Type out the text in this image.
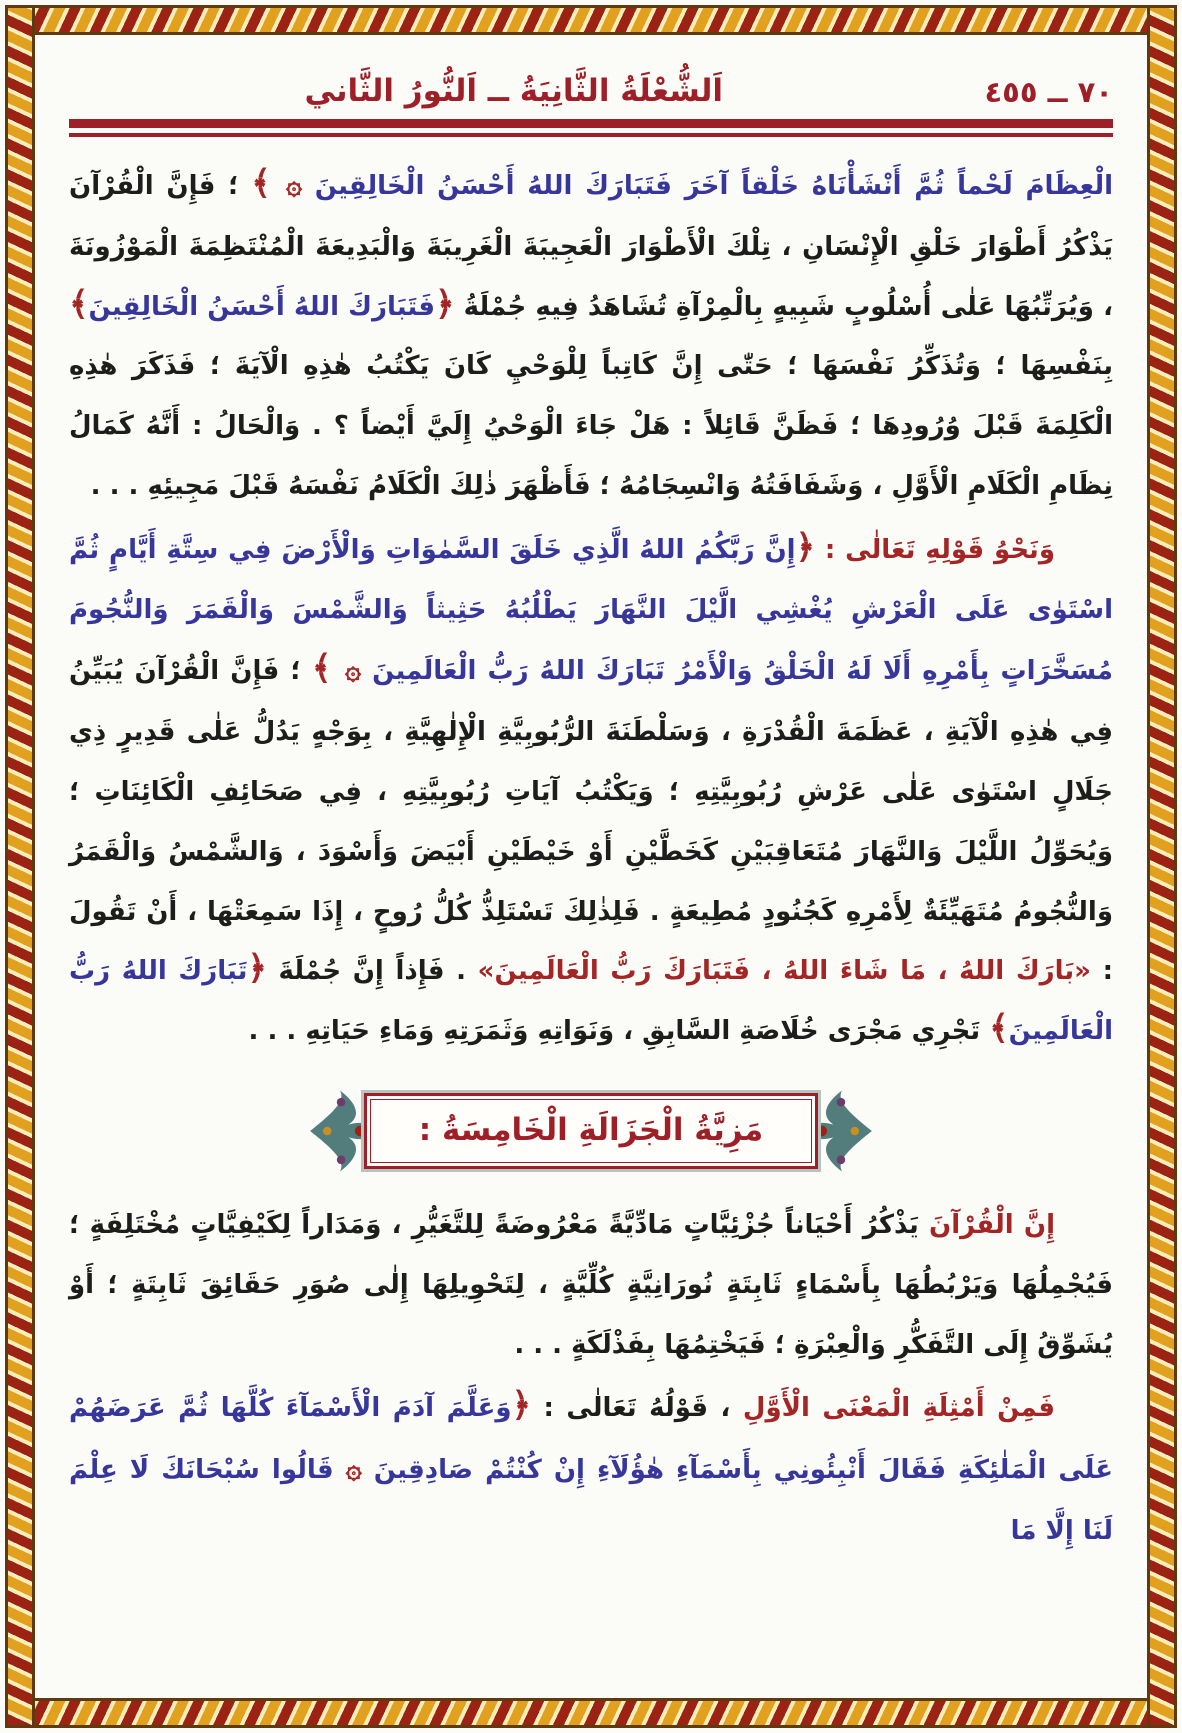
٧٠ ــ ٤٥٥
اَلشُّعْلَةُ الثَّانِيَةُ ــ اَلنُّورُ الثَّاني

الْعِظَامَ لَحْماً ثُمَّ أَنْشَأْنَاهُ خَلْقاً آخَرَ فَتَبَارَكَ اللهُ أَحْسَنُ الْخَالِقِينَ ۞ ﴾ ؛ فَإِنَّ الْقُرْآنَ يَذْكُرُ أَطْوَارَ خَلْقِ الْإِنْسَانِ ، تِلْكَ الْأَطْوَارَ الْعَجِيبَةَ الْغَرِيبَةَ وَالْبَدِيعَةَ الْمُنْتَظِمَةَ الْمَوْزُونَةَ ، وَيُرَتِّبُهَا عَلٰى أُسْلُوبٍ شَبِيهٍ بِالْمِرْآةِ تُشَاهَدُ فِيهِ جُمْلَةُ ﴿فَتَبَارَكَ اللهُ أَحْسَنُ الْخَالِقِينَ﴾ بِنَفْسِهَا ؛ وَتُذَكِّرُ نَفْسَهَا ؛ حَتّٰى إِنَّ كَاتِباً لِلْوَحْيِ كَانَ يَكْتُبُ هٰذِهِ الْآيَةَ ؛ فَذَكَرَ هٰذِهِ الْكَلِمَةَ قَبْلَ وُرُودِهَا ؛ فَظَنَّ قَائِلاً : هَلْ جَاءَ الْوَحْيُ إِلَيَّ أَيْضاً ؟ . وَالْحَالُ : أَنَّهُ كَمَالُ نِظَامِ الْكَلَامِ الْأَوَّلِ ، وَشَفَافَتُهُ وَانْسِجَامُهُ ؛ فَأَظْهَرَ ذٰلِكَ الْكَلَامُ نَفْسَهُ قَبْلَ مَجِيئِهِ . . .

وَنَحْوُ قَوْلِهِ تَعَالٰى : ﴿إِنَّ رَبَّكُمُ اللهُ الَّذِي خَلَقَ السَّمٰوَاتِ وَالْأَرْضَ فِي سِتَّةِ أَيَّامٍ ثُمَّ اسْتَوٰى عَلَى الْعَرْشِ يُغْشِي الَّيْلَ النَّهَارَ يَطْلُبُهُ حَثِيثاً وَالشَّمْسَ وَالْقَمَرَ وَالنُّجُومَ مُسَخَّرَاتٍ بِأَمْرِهِ أَلَا لَهُ الْخَلْقُ وَالْأَمْرُ تَبَارَكَ اللهُ رَبُّ الْعَالَمِينَ ۞ ﴾ ؛ فَإِنَّ الْقُرْآنَ يُبَيِّنُ فِي هٰذِهِ الْآيَةِ ، عَظَمَةَ الْقُدْرَةِ ، وَسَلْطَنَةَ الرُّبُوبِيَّةِ الْإِلٰهِيَّةِ ، بِوَجْهٍ يَدُلُّ عَلٰى قَدِيرٍ ذِي جَلَالٍ اسْتَوٰى عَلٰى عَرْشِ رُبُوبِيَّتِهِ ؛ وَيَكْتُبُ آيَاتِ رُبُوبِيَّتِهِ ، فِي صَحَائِفِ الْكَائِنَاتِ ؛ وَيُحَوِّلُ اللَّيْلَ وَالنَّهَارَ مُتَعَاقِبَيْنِ كَخَطَّيْنِ أَوْ خَيْطَيْنِ أَبْيَضَ وَأَسْوَدَ ، وَالشَّمْسُ وَالْقَمَرُ وَالنُّجُومُ مُتَهَيِّئَةٌ لِأَمْرِهِ كَجُنُودٍ مُطِيعَةٍ . فَلِذٰلِكَ تَسْتَلِذُّ كُلُّ رُوحٍ ، إِذَا سَمِعَتْهَا ، أَنْ تَقُولَ : «بَارَكَ اللهُ ، مَا شَاءَ اللهُ ، فَتَبَارَكَ رَبُّ الْعَالَمِينَ» . فَإِذاً إِنَّ جُمْلَةَ ﴿تَبَارَكَ اللهُ رَبُّ الْعَالَمِينَ﴾ تَجْرِي مَجْرَى خُلَاصَةِ السَّابِقِ ، وَنَوَاتِهِ وَثَمَرَتِهِ وَمَاءِ حَيَاتِهِ . . .

مَزِيَّةُ الْجَزَالَةِ الْخَامِسَةُ :

إِنَّ الْقُرْآنَ يَذْكُرُ أَحْيَاناً جُزْئِيَّاتٍ مَادِّيَّةً مَعْرُوضَةً لِلتَّغَيُّرِ ، وَمَدَاراً لِكَيْفِيَّاتٍ مُخْتَلِفَةٍ ؛ فَيُجْمِلُهَا وَيَرْبُطُهَا بِأَسْمَاءٍ ثَابِتَةٍ نُورَانِيَّةٍ كُلِّيَّةٍ ، لِتَحْوِيلِهَا إِلٰى صُوَرِ حَقَائِقَ ثَابِتَةٍ ؛ أَوْ يُشَوِّقُ إِلَى التَّفَكُّرِ وَالْعِبْرَةِ ؛ فَيَخْتِمُهَا بِفَذْلَكَةٍ . . .

فَمِنْ أَمْثِلَةِ الْمَعْنَى الْأَوَّلِ ، قَوْلُهُ تَعَالٰى : ﴿وَعَلَّمَ آدَمَ الْأَسْمَآءَ كُلَّهَا ثُمَّ عَرَضَهُمْ عَلَى الْمَلٰئِكَةِ فَقَالَ أَنْبِئُونِي بِأَسْمَآءِ هٰؤُلَآءِ إِنْ كُنْتُمْ صَادِقِينَ ۞ قَالُوا سُبْحَانَكَ لَا عِلْمَ لَنَا إِلَّا مَا
